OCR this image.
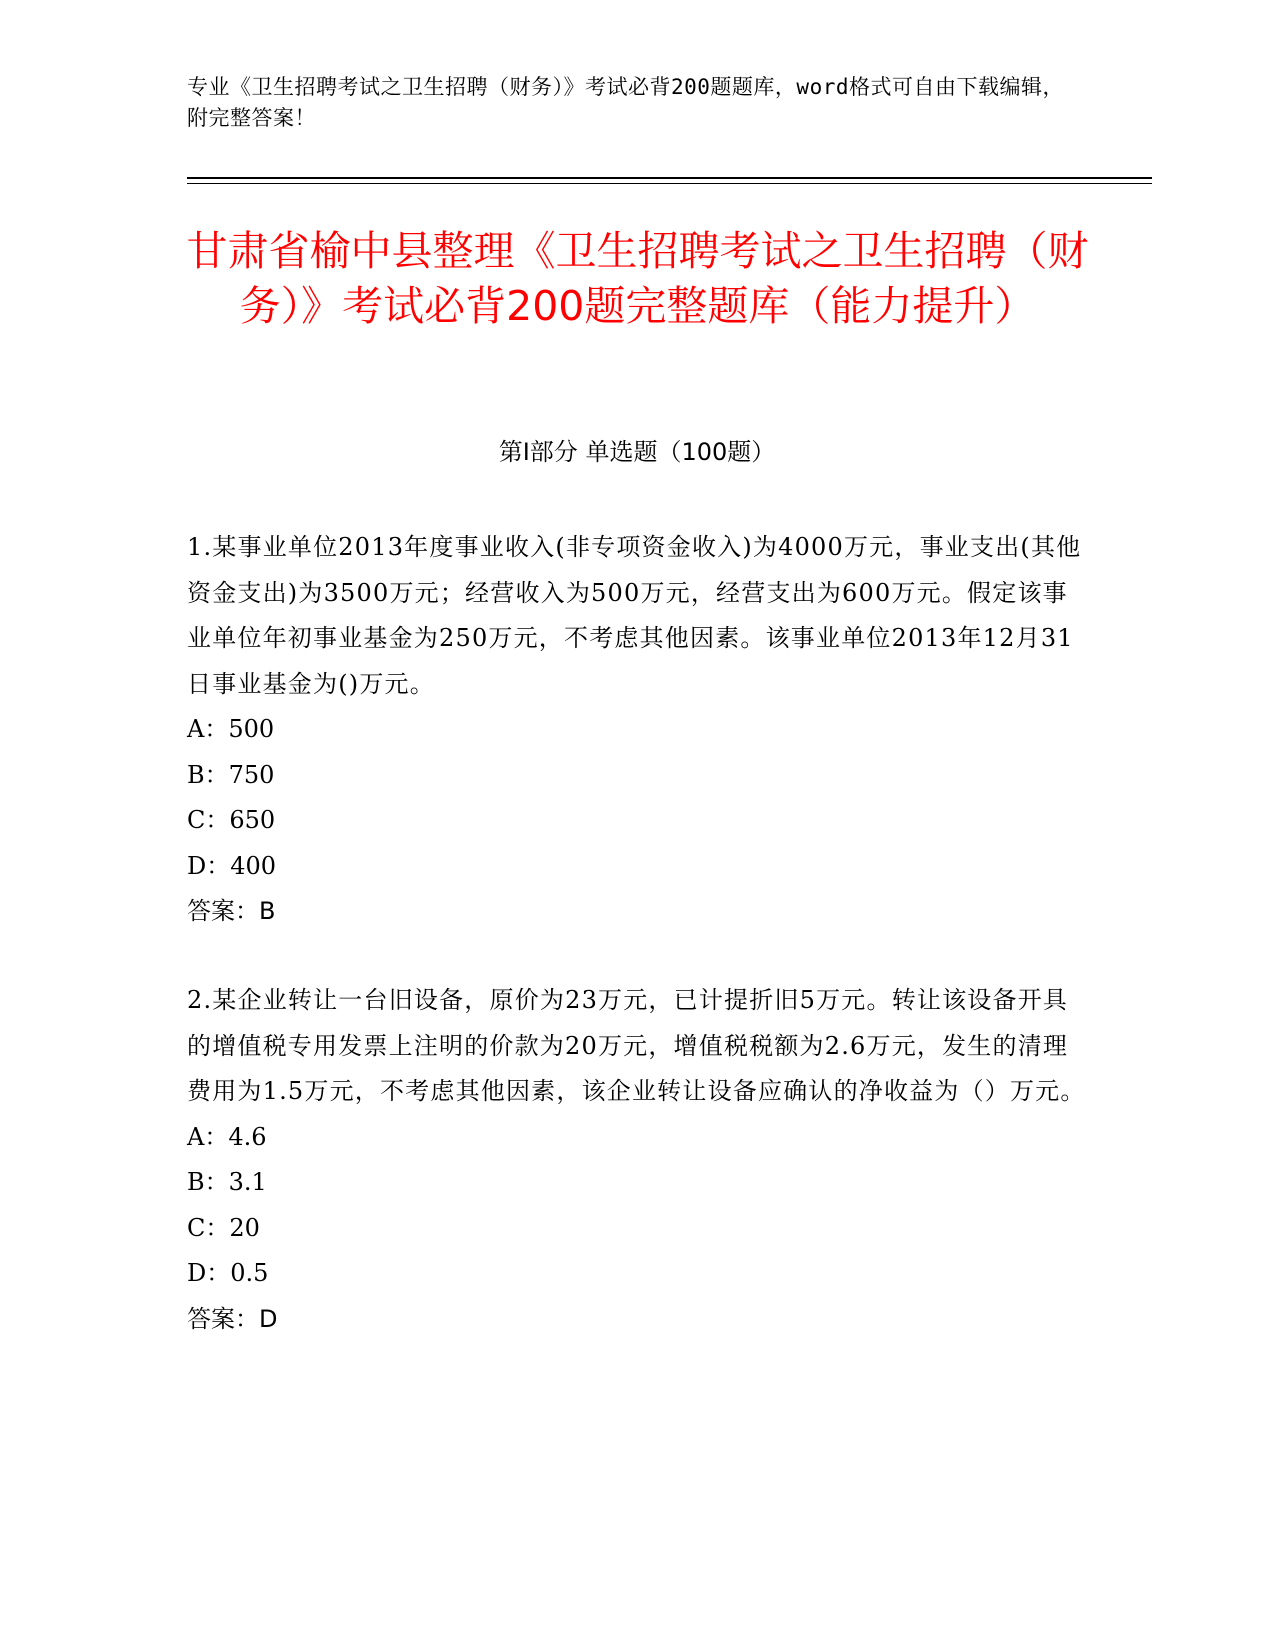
专业《卫生招聘考试之卫生招聘（财务）》考试必背200题题库，word格式可自由下载编辑，附完整答案！
甘肃省榆中县整理《卫生招聘考试之卫生招聘（财务）》考试必背200题完整题库（能力提升）
第I部分 单选题（100题）

1.某事业单位2013年度事业收入(非专项资金收入)为4000万元，事业支出(其他资金支出)为3500万元；经营收入为500万元，经营支出为600万元。假定该事业单位年初事业基金为250万元，不考虑其他因素。该事业单位2013年12月31日事业基金为()万元。

A：500

B：750

C：650

D：400

答案：B

2.某企业转让一台旧设备，原价为23万元，已计提折旧5万元。转让该设备开具的增值税专用发票上注明的价款为20万元，增值税税额为2.6万元，发生的清理费用为1.5万元，不考虑其他因素，该企业转让设备应确认的净收益为（）万元。

A：4.6

B：3.1

C：20

D：0.5

答案：D
